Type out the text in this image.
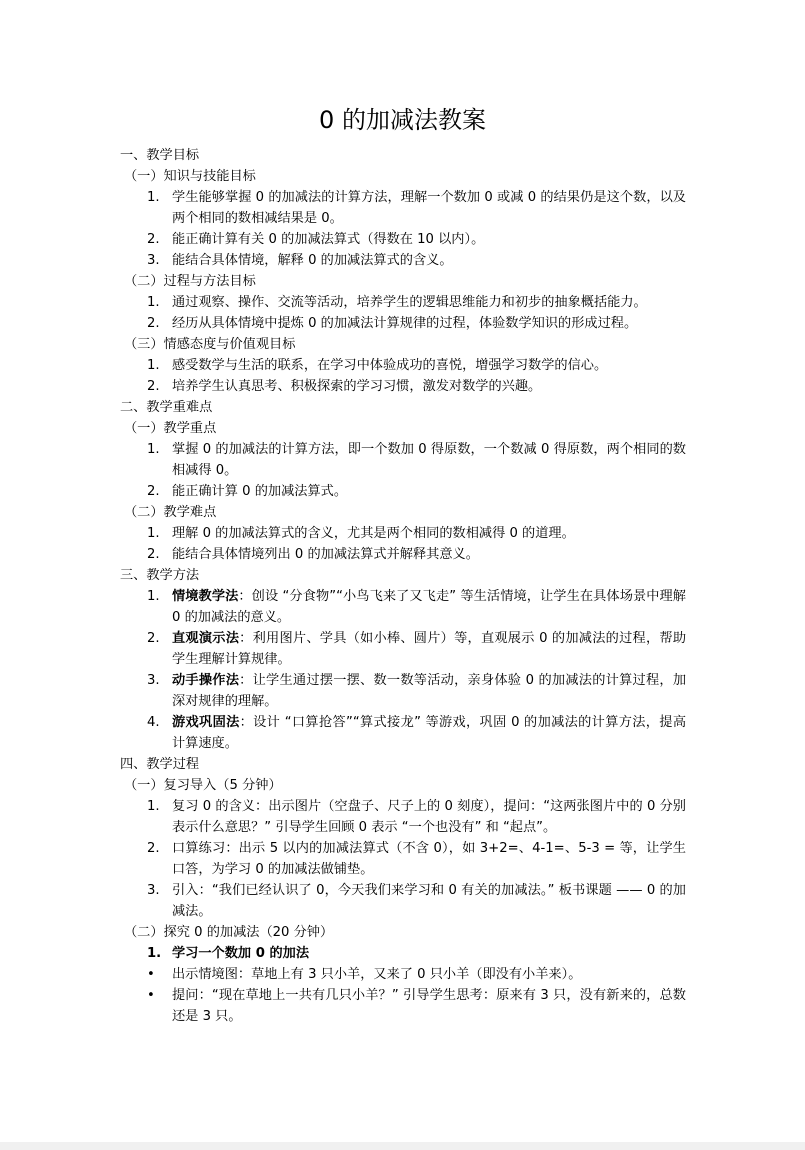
0 的加减法教案
一、教学目标
（一）知识与技能目标
1. 学生能够掌握 0 的加减法的计算方法，理解一个数加 0 或减 0 的结果仍是这个数，以及两个相同的数相减结果是 0。
2. 能正确计算有关 0 的加减法算式（得数在 10 以内）。
3. 能结合具体情境，解释 0 的加减法算式的含义。
（二）过程与方法目标
1. 通过观察、操作、交流等活动，培养学生的逻辑思维能力和初步的抽象概括能力。
2. 经历从具体情境中提炼 0 的加减法计算规律的过程，体验数学知识的形成过程。
（三）情感态度与价值观目标
1. 感受数学与生活的联系，在学习中体验成功的喜悦，增强学习数学的信心。
2. 培养学生认真思考、积极探索的学习习惯，激发对数学的兴趣。
二、教学重难点
（一）教学重点
1. 掌握 0 的加减法的计算方法，即一个数加 0 得原数，一个数减 0 得原数，两个相同的数相减得 0。
2. 能正确计算 0 的加减法算式。
（二）教学难点
1. 理解 0 的加减法算式的含义，尤其是两个相同的数相减得 0 的道理。
2. 能结合具体情境列出 0 的加减法算式并解释其意义。
三、教学方法
1. 情境教学法：创设 “分食物”“小鸟飞来了又飞走” 等生活情境，让学生在具体场景中理解 0 的加减法的意义。
2. 直观演示法：利用图片、学具（如小棒、圆片）等，直观展示 0 的加减法的过程，帮助学生理解计算规律。
3. 动手操作法：让学生通过摆一摆、数一数等活动，亲身体验 0 的加减法的计算过程，加深对规律的理解。
4. 游戏巩固法：设计 “口算抢答”“算式接龙” 等游戏，巩固 0 的加减法的计算方法，提高计算速度。
四、教学过程
（一）复习导入（5 分钟）
1. 复习 0 的含义：出示图片（空盘子、尺子上的 0 刻度），提问：“这两张图片中的 0 分别表示什么意思？” 引导学生回顾 0 表示 “一个也没有” 和 “起点”。
2. 口算练习：出示 5 以内的加减法算式（不含 0），如 3+2=、4-1=、5-3 = 等，让学生口答，为学习 0 的加减法做铺垫。
3. 引入：“我们已经认识了 0，今天我们来学习和 0 有关的加减法。” 板书课题 —— 0 的加减法。
（二）探究 0 的加减法（20 分钟）
1. 学习一个数加 0 的加法
•	出示情境图：草地上有 3 只小羊，又来了 0 只小羊（即没有小羊来）。
•	提问：“现在草地上一共有几只小羊？” 引导学生思考：原来有 3 只，没有新来的，总数还是 3 只。
